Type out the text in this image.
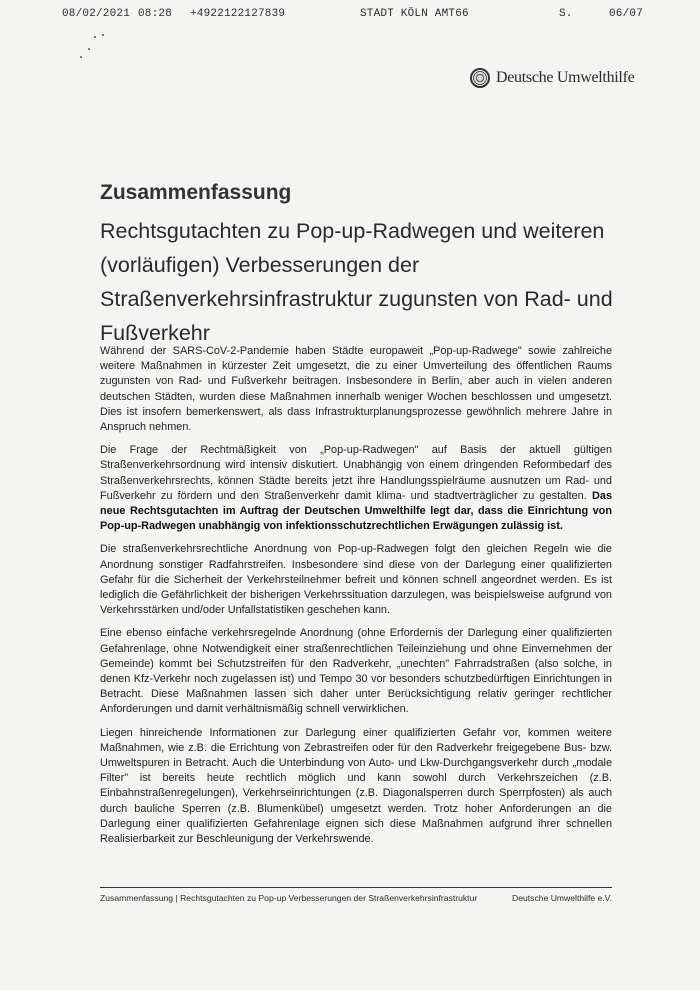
08/02/2021 08:28 +4922122127839	STADT KÖLN AMT66	S.	06/07
Deutsche Umwelthilfe
Zusammenfassung
Rechtsgutachten zu Pop-up-Radwegen und weiteren (vorläufigen) Verbesserungen der Straßenverkehrsinfrastruktur zugunsten von Rad- und Fußverkehr

Während der SARS-CoV-2-Pandemie haben Städte europaweit „Pop-up-Radwege" sowie zahlreiche weitere Maßnahmen in kürzester Zeit umgesetzt, die zu einer Umverteilung des öffentlichen Raums zugunsten von Rad- und Fußverkehr beitragen. Insbesondere in Berlin, aber auch in vielen anderen deutschen Städten, wurden diese Maßnahmen innerhalb weniger Wochen beschlossen und umgesetzt. Dies ist insofern bemerkenswert, als dass Infrastrukturplanungsprozesse gewöhnlich mehrere Jahre in Anspruch nehmen.

Die Frage der Rechtmäßigkeit von „Pop-up-Radwegen" auf Basis der aktuell gültigen Straßenverkehrsordnung wird intensiv diskutiert. Unabhängig von einem dringenden Reformbedarf des Straßenverkehrsrechts, können Städte bereits jetzt ihre Handlungsspielräume ausnutzen um Rad- und Fußverkehr zu fördern und den Straßenverkehr damit klima- und stadtverträglicher zu gestalten. Das neue Rechtsgutachten im Auftrag der Deutschen Umwelthilfe legt dar, dass die Einrichtung von Pop-up-Radwegen unabhängig von infektionsschutzrechtlichen Erwägungen zulässig ist.

Die straßenverkehrsrechtliche Anordnung von Pop-up-Radwegen folgt den gleichen Regeln wie die Anordnung sonstiger Radfahrstreifen. Insbesondere sind diese von der Darlegung einer qualifizierten Gefahr für die Sicherheit der Verkehrsteilnehmer befreit und können schnell angeordnet werden. Es ist lediglich die Gefährlichkeit der bisherigen Verkehrssituation darzulegen, was beispielsweise aufgrund von Verkehrsstärken und/oder Unfallstatistiken geschehen kann.

Eine ebenso einfache verkehrsregelnde Anordnung (ohne Erfordernis der Darlegung einer qualifizierten Gefahrenlage, ohne Notwendigkeit einer straßenrechtlichen Teileinziehung und ohne Einvernehmen der Gemeinde) kommt bei Schutzstreifen für den Radverkehr, „unechten" Fahrradstraßen (also solche, in denen Kfz-Verkehr noch zugelassen ist) und Tempo 30 vor besonders schutzbedürftigen Einrichtungen in Betracht. Diese Maßnahmen lassen sich daher unter Berücksichtigung relativ geringer rechtlicher Anforderungen und damit verhältnismäßig schnell verwirklichen.

Liegen hinreichende Informationen zur Darlegung einer qualifizierten Gefahr vor, kommen weitere Maßnahmen, wie z.B. die Errichtung von Zebrastreifen oder für den Radverkehr freigegebene Bus- bzw. Umweltspuren in Betracht. Auch die Unterbindung von Auto- und Lkw-Durchgangsverkehr durch „modale Filter" ist bereits heute rechtlich möglich und kann sowohl durch Verkehrszeichen (z.B. Einbahnstraßenregelungen), Verkehrseinrichtungen (z.B. Diagonalsperren durch Sperrpfosten) als auch durch bauliche Sperren (z.B. Blumenkübel) umgesetzt werden. Trotz hoher Anforderungen an die Darlegung einer qualifizierten Gefahrenlage eignen sich diese Maßnahmen aufgrund ihrer schnellen Realisierbarkeit zur Beschleunigung der Verkehrswende.

Zusammenfassung | Rechtsgutachten zu Pop-up Verbesserungen der Straßenverkehrsinfrastruktur	Deutsche Umwelthilfe e.V.
